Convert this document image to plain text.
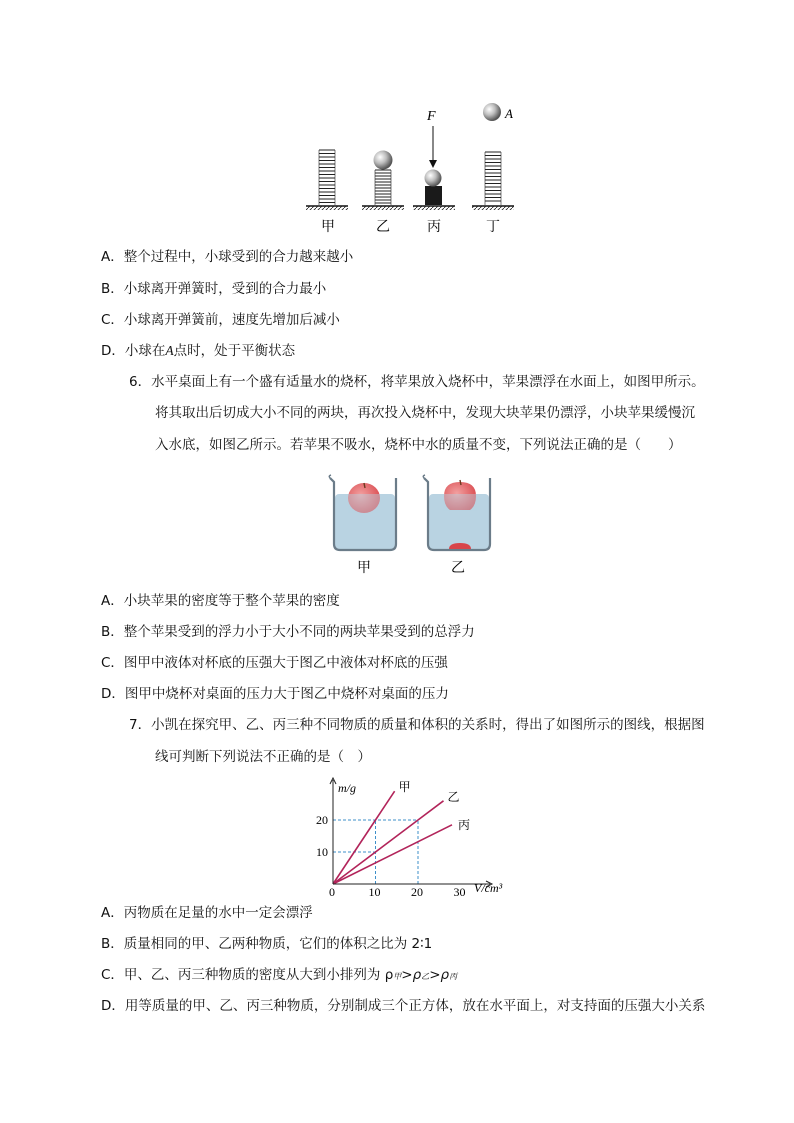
F	A
甲	乙	丙	丁
A．整个过程中，小球受到的合力越来越小
B．小球离开弹簧时，受到的合力最小
C．小球离开弹簧前，速度先增加后减小
D．小球在A点时，处于平衡状态
6．水平桌面上有一个盛有适量水的烧杯，将苹果放入烧杯中，苹果漂浮在水面上，如图甲所示。
将其取出后切成大小不同的两块，再次投入烧杯中，发现大块苹果仍漂浮，小块苹果缓慢沉
入水底，如图乙所示。若苹果不吸水，烧杯中水的质量不变，下列说法正确的是（　　）
甲	乙
A．小块苹果的密度等于整个苹果的密度
B．整个苹果受到的浮力小于大小不同的两块苹果受到的总浮力
C．图甲中液体对杯底的压强大于图乙中液体对杯底的压强
D．图甲中烧杯对桌面的压力大于图乙中烧杯对桌面的压力
7．小凯在探究甲、乙、丙三种不同物质的质量和体积的关系时，得出了如图所示的图线，根据图
线可判断下列说法不正确的是（　）
甲
乙
丙
m/g
V/cm³
0	10	20	30
10
20
A．丙物质在足量的水中一定会漂浮
B．质量相同的甲、乙两种物质，它们的体积之比为 2∶1
C．甲、乙、丙三种物质的密度从大到小排列为 ρ甲>ρ乙>ρ丙
D．用等质量的甲、乙、丙三种物质，分别制成三个正方体，放在水平面上，对支持面的压强大小关系
